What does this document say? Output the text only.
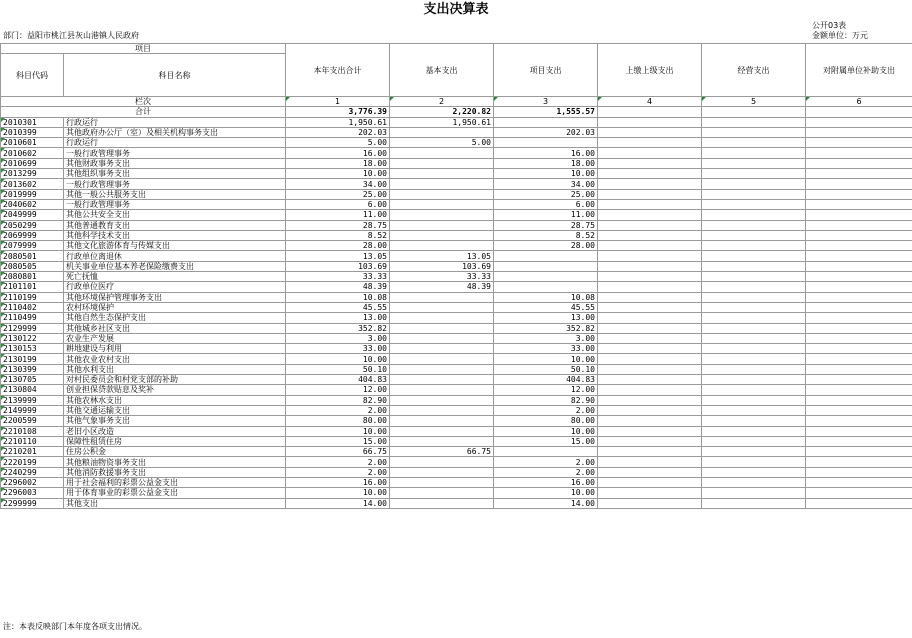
支出决算表
公开03表
金额单位：万元
部门：益阳市桃江县灰山港镇人民政府
项目		本年支出合计	基本支出	项目支出	上缴上级支出	经营支出	对附属单位补助支出
科目代码	科目名称						
栏次		1	2	3	4	5	6
合计		3,776.39	2,220.82	1,555.57			
2010301	行政运行	1,950.61	1,950.61				
2010399	其他政府办公厅（室）及相关机构事务支出	202.03		202.03			
2010601	行政运行	5.00	5.00				
2010602	一般行政管理事务	16.00		16.00			
2010699	其他财政事务支出	18.00		18.00			
2013299	其他组织事务支出	10.00		10.00			
2013602	一般行政管理事务	34.00		34.00			
2019999	其他一般公共服务支出	25.00		25.00			
2040602	一般行政管理事务	6.00		6.00			
2049999	其他公共安全支出	11.00		11.00			
2050299	其他普通教育支出	28.75		28.75			
2069999	其他科学技术支出	8.52		8.52			
2079999	其他文化旅游体育与传媒支出	28.00		28.00			
2080501	行政单位离退休	13.05	13.05				
2080505	机关事业单位基本养老保险缴费支出	103.69	103.69				
2080801	死亡抚恤	33.33	33.33				
2101101	行政单位医疗	48.39	48.39				
2110199	其他环境保护管理事务支出	10.08		10.08			
2110402	农村环境保护	45.55		45.55			
2110499	其他自然生态保护支出	13.00		13.00			
2129999	其他城乡社区支出	352.82		352.82			
2130122	农业生产发展	3.00		3.00			
2130153	耕地建设与利用	33.00		33.00			
2130199	其他农业农村支出	10.00		10.00			
2130399	其他水利支出	50.10		50.10			
2130705	对村民委员会和村党支部的补助	404.83		404.83			
2130804	创业担保贷款贴息及奖补	12.00		12.00			
2139999	其他农林水支出	82.90		82.90			
2149999	其他交通运输支出	2.00		2.00			
2200599	其他气象事务支出	80.00		80.00			
2210108	老旧小区改造	10.00		10.00			
2210110	保障性租赁住房	15.00		15.00			
2210201	住房公积金	66.75	66.75				
2220199	其他粮油物资事务支出	2.00		2.00			
2240299	其他消防救援事务支出	2.00		2.00			
2296002	用于社会福利的彩票公益金支出	16.00		16.00			
2296003	用于体育事业的彩票公益金支出	10.00		10.00			
2299999	其他支出	14.00		14.00			
注：本表反映部门本年度各项支出情况。
